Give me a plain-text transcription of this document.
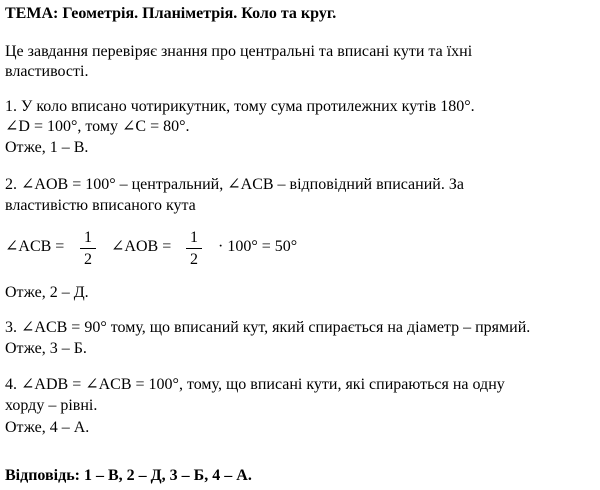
ТЕМА: Геометрія. Планіметрія. Коло та круг.
Це завдання перевіряє знання про центральні та вписані кути та їхні
властивості.
1. У коло вписано чотирикутник, тому сума протилежних кутів 180°.
∠D = 100°, тому ∠C = 80°.
Отже, 1 – В.
2. ∠AOB = 100° – центральний, ∠ACB – відповідний вписаний. За
властивістю вписаного кута
∠ACB =
1
2
∠AOB =
1
2
· 100° = 50°
Отже, 2 – Д.
3. ∠ACB = 90° тому, що вписаний кут, який спирається на діаметр – прямий.
Отже, 3 – Б.
4. ∠ADB = ∠ACB = 100°, тому, що вписані кути, які спираються на одну
хорду – рівні.
Отже, 4 – А.
Відповідь: 1 – В, 2 – Д, 3 – Б, 4 – А.
